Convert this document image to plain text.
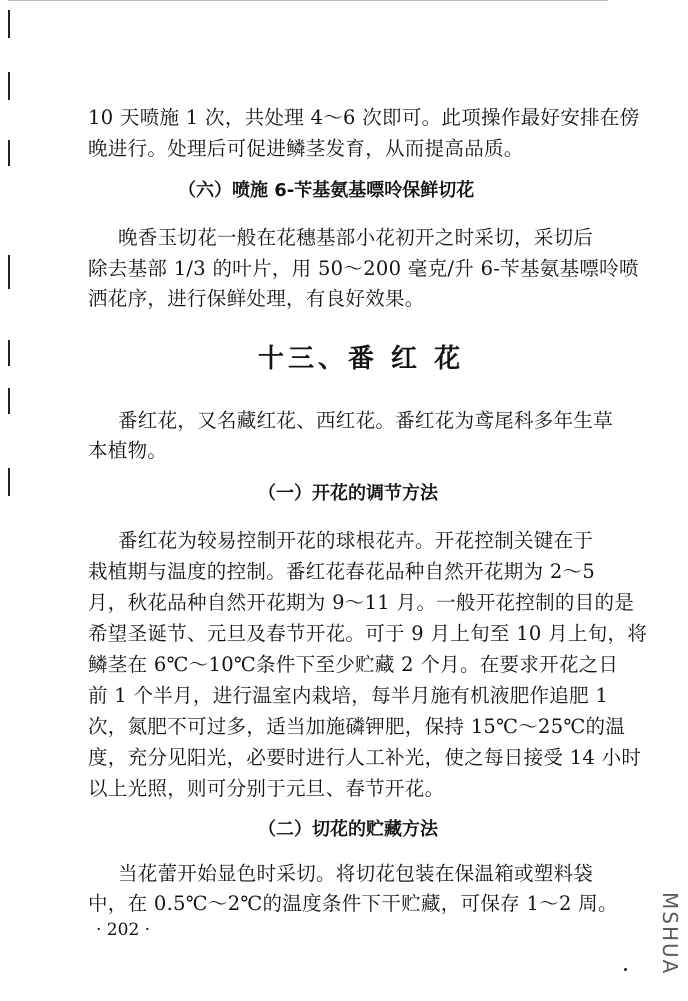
10 天喷施 1 次，共处理 4～6 次即可。此项操作最好安排在傍
晚进行。处理后可促进鳞茎发育，从而提高品质。
（六）喷施 6-苄基氨基嘌呤保鲜切花
晚香玉切花一般在花穗基部小花初开之时采切，采切后
除去基部 1/3 的叶片，用 50～200 毫克/升 6-苄基氨基嘌呤喷
洒花序，进行保鲜处理，有良好效果。
十三、番 红 花
番红花，又名藏红花、西红花。番红花为鸢尾科多年生草
本植物。
（一）开花的调节方法
番红花为较易控制开花的球根花卉。开花控制关键在于
栽植期与温度的控制。番红花春花品种自然开花期为 2～5
月，秋花品种自然开花期为 9～11 月。一般开花控制的目的是
希望圣诞节、元旦及春节开花。可于 9 月上旬至 10 月上旬，将
鳞茎在 6℃～10℃条件下至少贮藏 2 个月。在要求开花之日
前 1 个半月，进行温室内栽培，每半月施有机液肥作追肥 1
次，氮肥不可过多，适当加施磷钾肥，保持 15℃～25℃的温
度，充分见阳光，必要时进行人工补光，使之每日接受 14 小时
以上光照，则可分别于元旦、春节开花。
（二）切花的贮藏方法
当花蕾开始显色时采切。将切花包装在保温箱或塑料袋
中，在 0.5℃～2℃的温度条件下干贮藏，可保存 1～2 周。
· 202 ·	MSHUA
